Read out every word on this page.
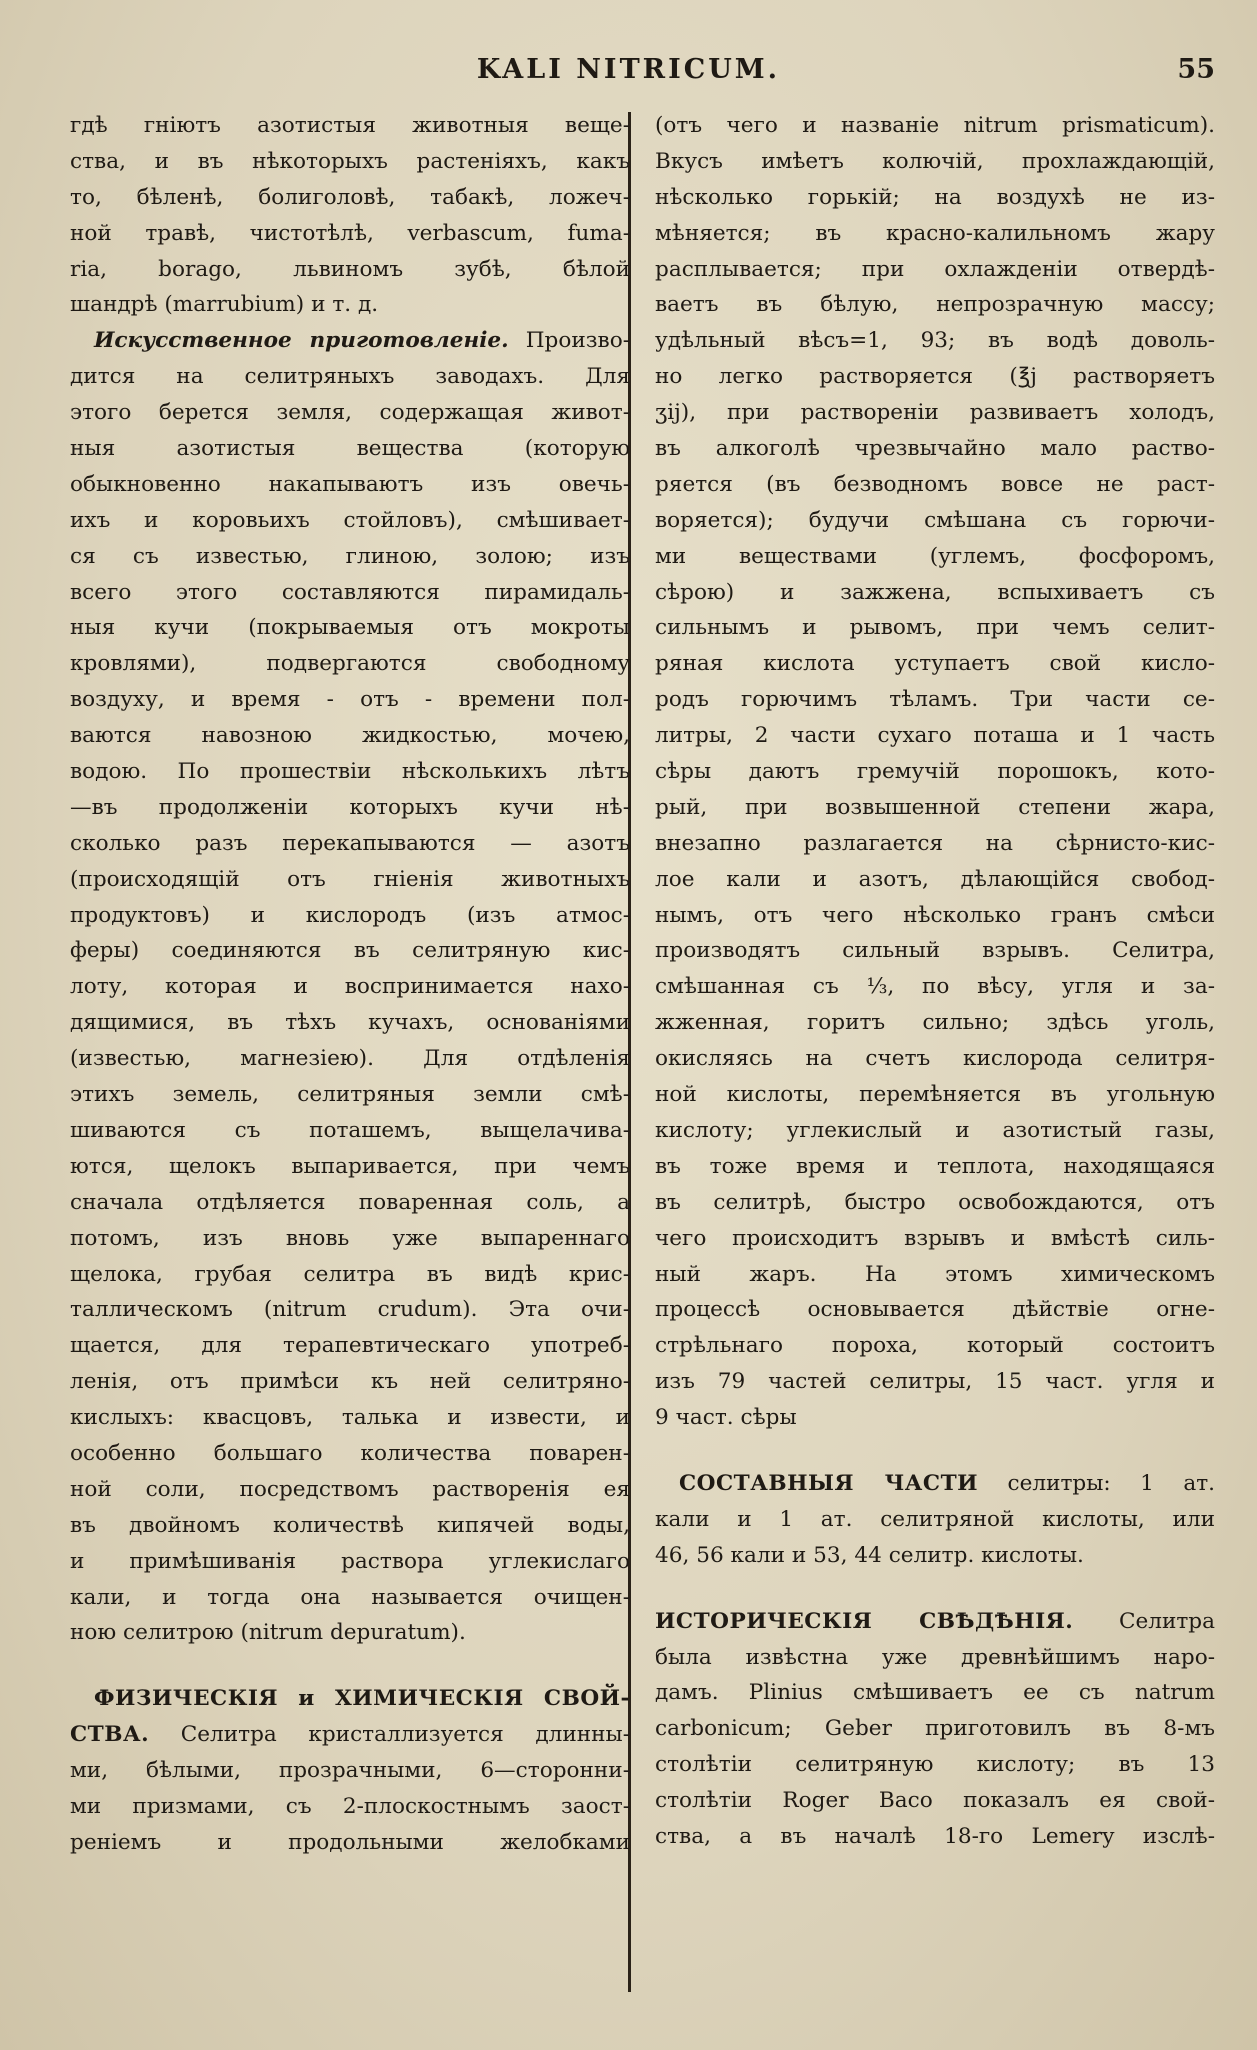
KALI NITRICUM.	55
гдѣ гніютъ азотистыя животныя веще-
ства, и въ нѣкоторыхъ растеніяхъ, какъ
то, бѣленѣ, болиголовѣ, табакѣ, ложеч-
ной травѣ, чистотѣлѣ, verbascum, fuma-
ria, borago, львиномъ зубѣ, бѣлой
шандрѣ (marrubium) и т. д.
Искусственное приготовленіе. Произво-
дится на селитряныхъ заводахъ. Для
этого берется земля, содержащая живот-
ныя азотистыя вещества (которую
обыкновенно накапываютъ изъ овечь-
ихъ и коровьихъ стойловъ), смѣшивает-
ся съ известью, глиною, золою; изъ
всего этого составляются пирамидаль-
ныя кучи (покрываемыя отъ мокроты
кровлями), подвергаются свободному
воздуху, и время - отъ - времени пол-
ваются навозною жидкостью, мочею,
водою. По прошествіи нѣсколькихъ лѣтъ
—въ продолженіи которыхъ кучи нѣ-
сколько разъ перекапываются — азотъ
(происходящій отъ гніенія животныхъ
продуктовъ) и кислородъ (изъ атмос-
феры) соединяются въ селитряную кис-
лоту, которая и воспринимается нахо-
дящимися, въ тѣхъ кучахъ, основаніями
(известью, магнезіею). Для отдѣленія
этихъ земель, селитряныя земли смѣ-
шиваются съ поташемъ, выщелачива-
ются, щелокъ выпаривается, при чемъ
сначала отдѣляется поваренная соль, а
потомъ, изъ вновь уже выпареннаго
щелока, грубая селитра въ видѣ крис-
таллическомъ (nitrum crudum). Эта очи-
щается, для терапевтическаго употреб-
ленія, отъ примѣси къ ней селитряно-
кислыхъ: квасцовъ, талька и извести, и
особенно большаго количества поварен-
ной соли, посредствомъ растворенія ея
въ двойномъ количествѣ кипячей воды,
и примѣшиванія раствора углекислаго
кали, и тогда она называется очищен-
ною селитрою (nitrum depuratum).
ФИЗИЧЕСКІЯ и ХИМИЧЕСКІЯ СВОЙ-
СТВА. Селитра кристаллизуется длинны-
ми, бѣлыми, прозрачными, 6—сторонни-
ми призмами, съ 2-плоскостнымъ заост-
реніемъ и продольными желобками
(отъ чего и названіе nitrum prismaticum).
Вкусъ имѣетъ колючій, прохлаждающій,
нѣсколько горькій; на воздухѣ не из-
мѣняется; въ красно-калильномъ жару
расплывается; при охлажденіи отвердѣ-
ваетъ въ бѣлую, непрозрачную массу;
удѣльный вѣсъ=1, 93; въ водѣ доволь-
но легко растворяется (℥j растворяетъ
ʒij), при раствореніи развиваетъ холодъ,
въ алкоголѣ чрезвычайно мало раство-
ряется (въ безводномъ вовсе не раст-
воряется); будучи смѣшана съ горючи-
ми веществами (углемъ, фосфоромъ,
сѣрою) и зажжена, вспыхиваетъ съ
сильнымъ и рывомъ, при чемъ селит-
ряная кислота уступаетъ свой кисло-
родъ горючимъ тѣламъ. Три части се-
литры, 2 части сухаго поташа и 1 часть
сѣры даютъ гремучій порошокъ, кото-
рый, при возвышенной степени жара,
внезапно разлагается на сѣрнисто-кис-
лое кали и азотъ, дѣлающійся свобод-
нымъ, отъ чего нѣсколько гранъ смѣси
производятъ сильный взрывъ. Селитра,
смѣшанная съ ⅓, по вѣсу, угля и за-
жженная, горитъ сильно; здѣсь уголь,
окисляясь на счетъ кислорода селитря-
ной кислоты, перемѣняется въ угольную
кислоту; углекислый и азотистый газы,
въ тоже время и теплота, находящаяся
въ селитрѣ, быстро освобождаются, отъ
чего происходитъ взрывъ и вмѣстѣ силь-
ный жаръ. На этомъ химическомъ
процессѣ основывается дѣйствіе огне-
стрѣльнаго пороха, который состоитъ
изъ 79 частей селитры, 15 част. угля и
9 част. сѣры
СОСТАВНЫЯ ЧАСТИ селитры: 1 ат.
кали и 1 ат. селитряной кислоты, или
46, 56 кали и 53, 44 селитр. кислоты.
ИСТОРИЧЕСКІЯ СВѢДѢНІЯ. Селитра
была извѣстна уже древнѣйшимъ наро-
дамъ. Plinius смѣшиваетъ ее съ natrum
carbonicum; Geber приготовилъ въ 8-мъ
столѣтіи селитряную кислоту; въ 13
столѣтіи Roger Baco показалъ ея свой-
ства, а въ началѣ 18-го Lemery изслѣ-
